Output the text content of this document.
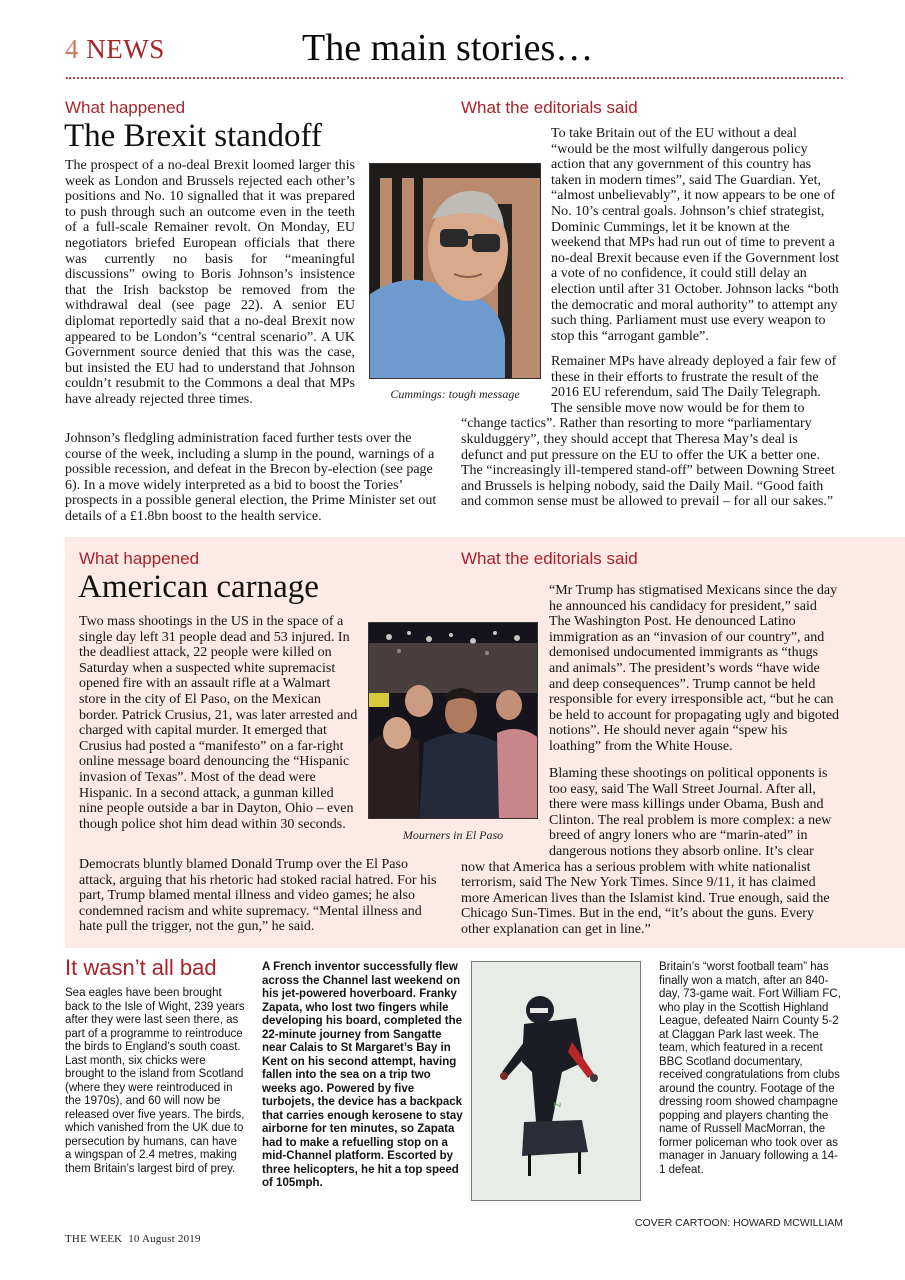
4 NEWS	The main stories…
What happened
The Brexit standoff

The prospect of a no-deal Brexit loomed larger this week as London and Brussels rejected each other’s positions and No. 10 signalled that it was prepared to push through such an outcome even in the teeth of a full-scale Remainer revolt. On Monday, EU negotiators briefed European officials that there was currently no basis for “meaningful discussions” owing to Boris Johnson’s insistence that the Irish backstop be removed from the withdrawal deal (see page 22). A senior EU diplomat reportedly said that a no-deal Brexit now appeared to be London’s “central scenario”. A UK Government source denied that this was the case, but insisted the EU had to understand that Johnson couldn’t resubmit to the Commons a deal that MPs have already rejected three times.

Johnson’s fledgling administration faced further tests over the course of the week, including a slump in the pound, warnings of a possible recession, and defeat in the Brecon by-election (see page 6). In a move widely interpreted as a bid to boost the Tories’ prospects in a possible general election, the Prime Minister set out details of a £1.8bn boost to the health service.

Cummings: tough message
What the editorials said

To take Britain out of the EU without a deal “would be the most wilfully dangerous policy action that any government of this country has taken in modern times”, said The Guardian. Yet, “almost unbelievably”, it now appears to be one of No. 10’s central goals. Johnson’s chief strategist, Dominic Cummings, let it be known at the weekend that MPs had run out of time to prevent a no-deal Brexit because even if the Government lost a vote of no confidence, it could still delay an election until after 31 October. Johnson lacks “both the democratic and moral authority” to attempt any such thing. Parliament must use every weapon to stop this “arrogant gamble”.

Remainer MPs have already deployed a fair few of these in their efforts to frustrate the result of the 2016 EU referendum, said The Daily Telegraph. The sensible move now would be for them to “change tactics”. Rather than resorting to more “parliamentary skulduggery”, they should accept that Theresa May’s deal is defunct and put pressure on the EU to offer the UK a better one. The “increasingly ill-tempered stand-off” between Downing Street and Brussels is helping nobody, said the Daily Mail. “Good faith and common sense must be allowed to prevail – for all our sakes.”

What happened
American carnage

Two mass shootings in the US in the space of a single day left 31 people dead and 53 injured. In the deadliest attack, 22 people were killed on Saturday when a suspected white supremacist opened fire with an assault rifle at a Walmart store in the city of El Paso, on the Mexican border. Patrick Crusius, 21, was later arrested and charged with capital murder. It emerged that Crusius had posted a “manifesto” on a far-right online message board denouncing the “Hispanic invasion of Texas”. Most of the dead were Hispanic. In a second attack, a gunman killed nine people outside a bar in Dayton, Ohio – even though police shot him dead within 30 seconds.

Democrats bluntly blamed Donald Trump over the El Paso attack, arguing that his rhetoric had stoked racial hatred. For his part, Trump blamed mental illness and video games; he also condemned racism and white supremacy. “Mental illness and hate pull the trigger, not the gun,” he said.

Mourners in El Paso
What the editorials said

“Mr Trump has stigmatised Mexicans since the day he announced his candidacy for president,” said The Washington Post. He denounced Latino immigration as an “invasion of our country”, and demonised undocumented immigrants as “thugs and animals”. The president’s words “have wide and deep consequences”. Trump cannot be held responsible for every irresponsible act, “but he can be held to account for propagating ugly and bigoted notions”. He should never again “spew his loathing” from the White House.

Blaming these shootings on political opponents is too easy, said The Wall Street Journal. After all, there were mass killings under Obama, Bush and Clinton. The real problem is more complex: a new breed of angry loners who are “marin-ated” in dangerous notions they absorb online. It’s clear now that America has a serious problem with white nationalist terrorism, said The New York Times. Since 9/11, it has claimed more American lives than the Islamist kind. True enough, said the Chicago Sun-Times. But in the end, “it’s about the guns. Every other explanation can get in line.”

It wasn’t all bad
Sea eagles have been brought back to the Isle of Wight, 239 years after they were last seen there, as part of a programme to reintroduce the birds to England’s south coast. Last month, six chicks were brought to the island from Scotland (where they were reintroduced in the 1970s), and 60 will now be released over five years. The birds, which vanished from the UK due to persecution by humans, can have a wingspan of 2.4 metres, making them Britain’s largest bird of prey.
A French inventor successfully flew across the Channel last weekend on his jet-powered hoverboard. Franky Zapata, who lost two fingers while developing his board, completed the 22-minute journey from Sangatte near Calais to St Margaret’s Bay in Kent on his second attempt, having fallen into the sea on a trip two weeks ago. Powered by five turbojets, the device has a backpack that carries enough kerosene to stay airborne for ten minutes, so Zapata had to make a refuelling stop on a mid-Channel platform. Escorted by three helicopters, he hit a top speed of 105mph.
Z
Britain’s “worst football team” has finally won a match, after an 840-day, 73-game wait. Fort William FC, who play in the Scottish Highland League, defeated Nairn County 5-2 at Claggan Park last week. The team, which featured in a recent BBC Scotland documentary, received congratulations from clubs around the country. Footage of the dressing room showed champagne popping and players chanting the name of Russell MacMorran, the former policeman who took over as manager in January following a 14-1 defeat.
COVER CARTOON: HOWARD MCWILLIAM
THE WEEK 10 August 2019
